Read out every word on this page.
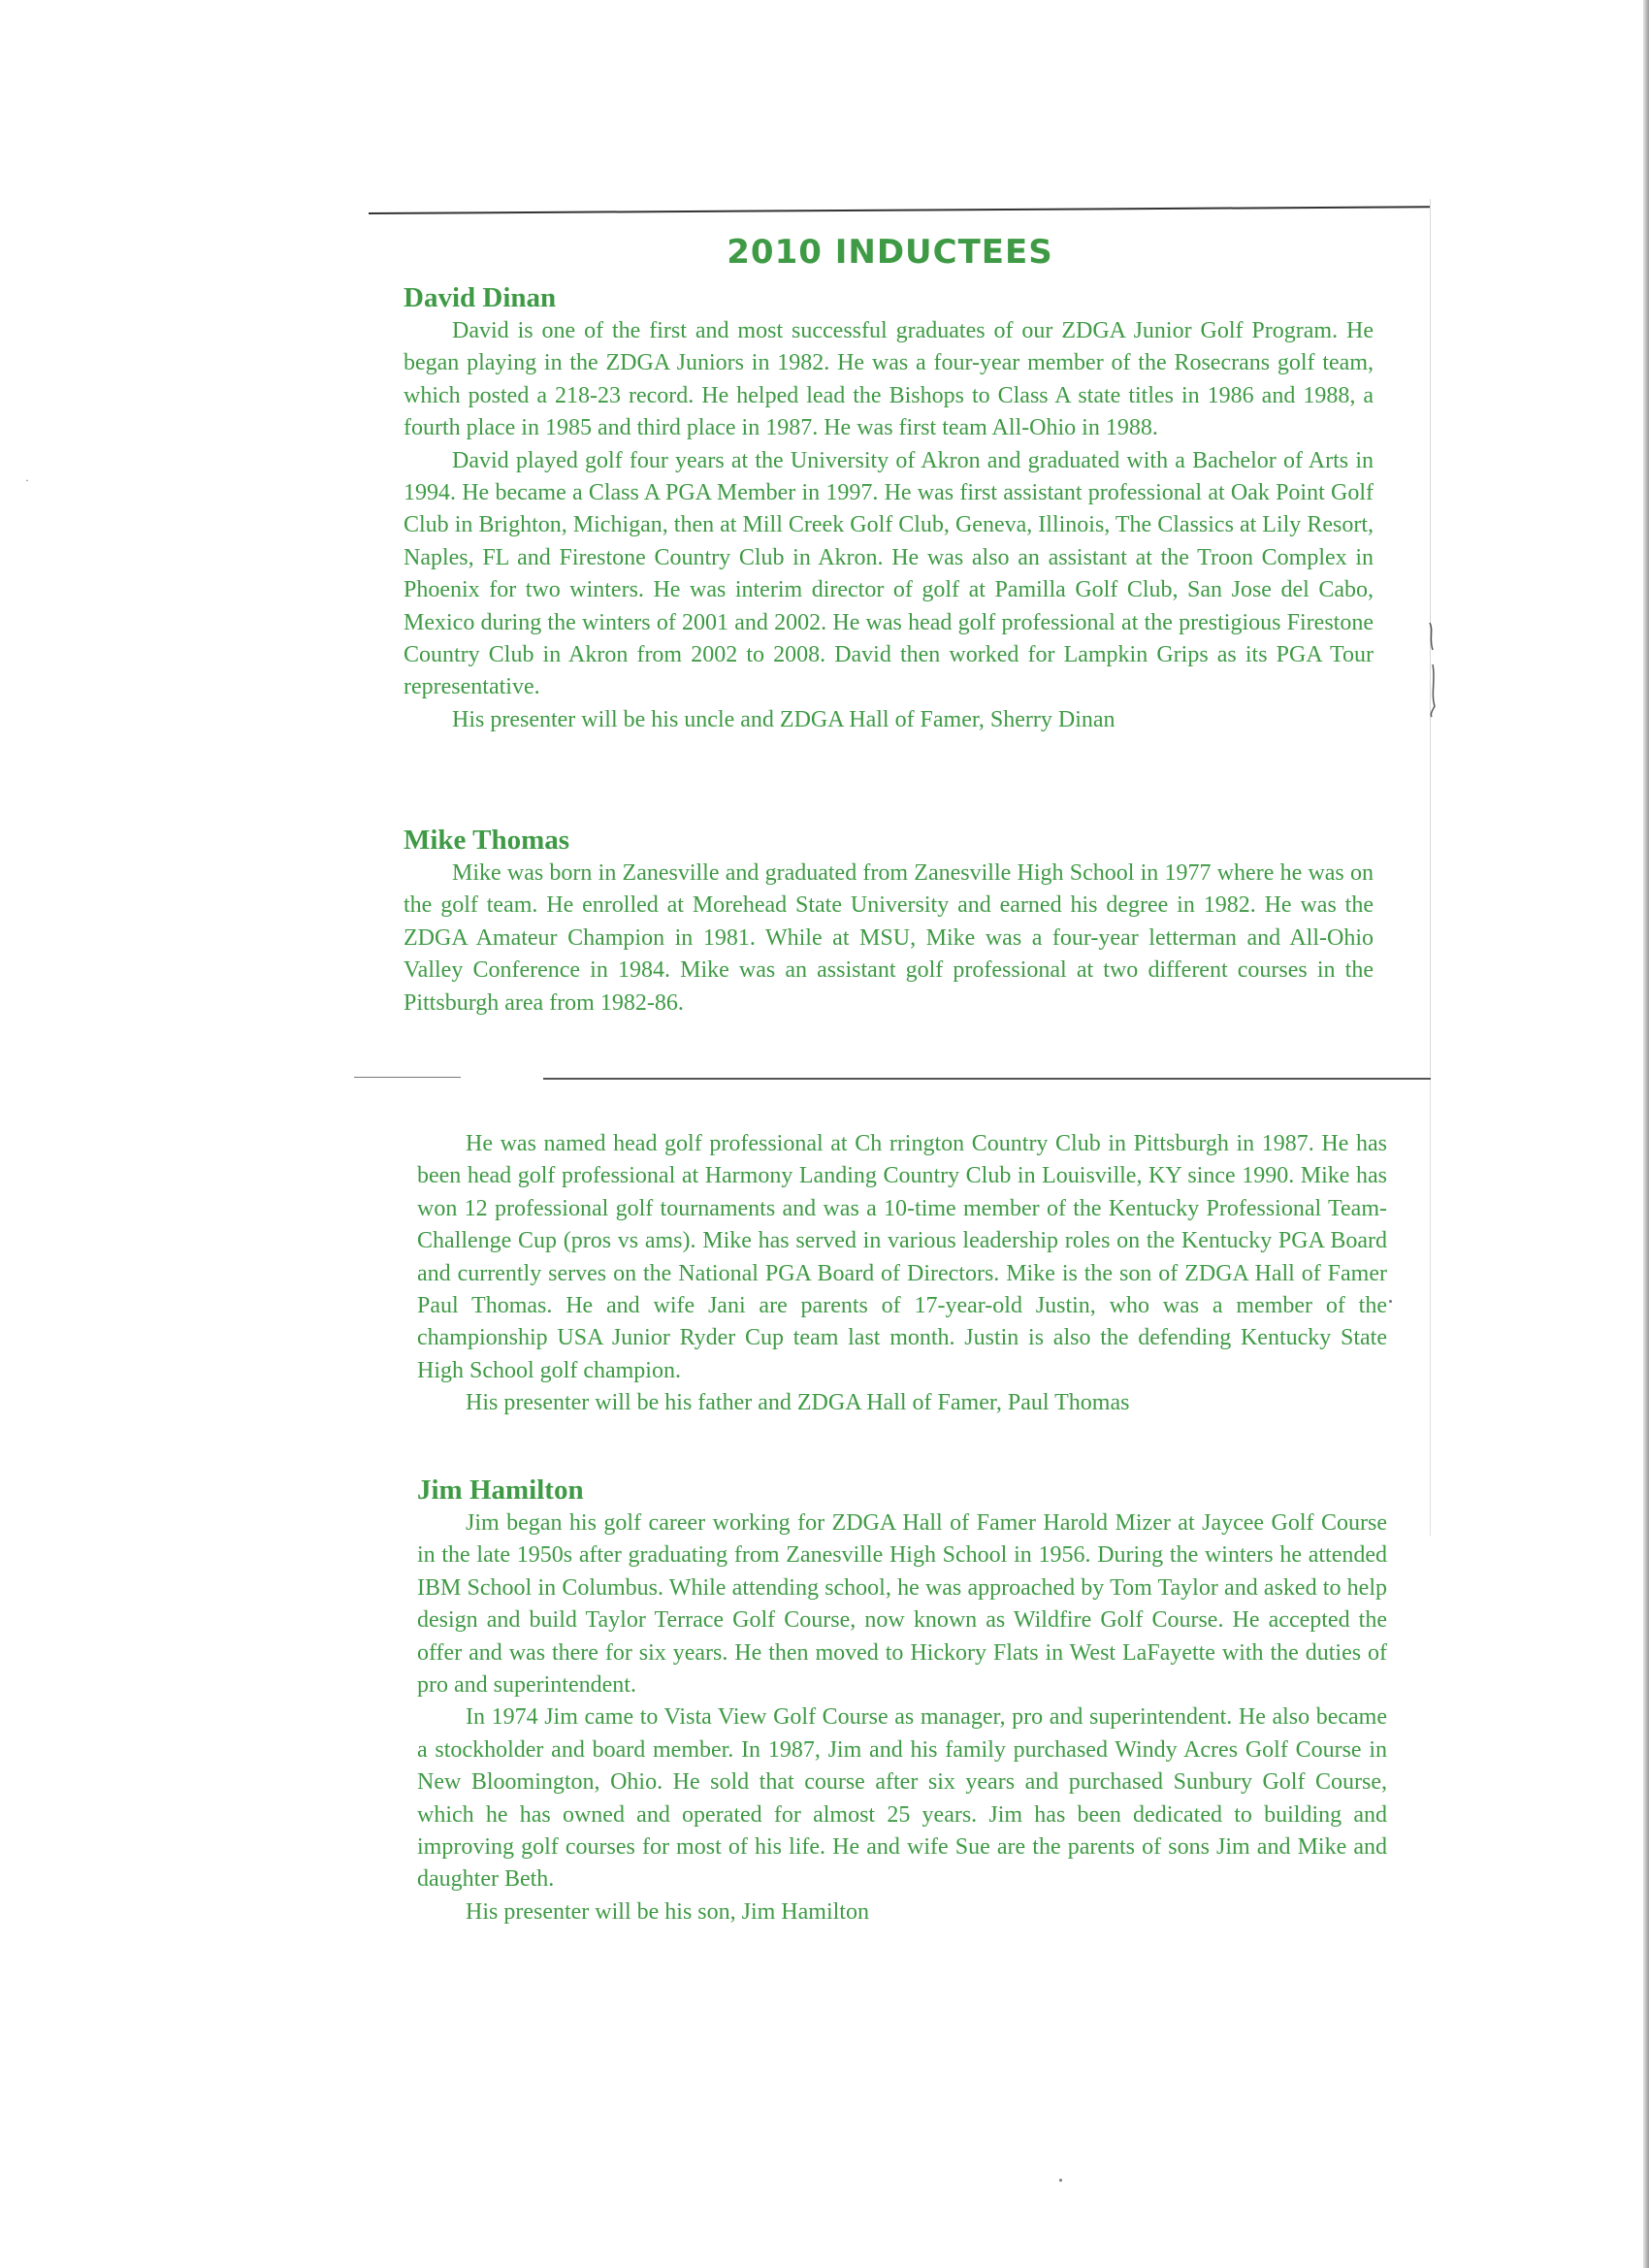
·
2010 INDUCTEES
David Dinan

David is one of the first and most successful graduates of our ZDGA Junior Golf Program. He began playing in the ZDGA Juniors in 1982. He was a four-year member of the Rosecrans golf team, which posted a 218-23 record. He helped lead the Bishops to Class A state titles in 1986 and 1988, a fourth place in 1985 and third place in 1987. He was first team All-Ohio in 1988.

David played golf four years at the University of Akron and graduated with a Bachelor of Arts in 1994. He became a Class A PGA Member in 1997. He was first assistant professional at Oak Point Golf Club in Brighton, Michigan, then at Mill Creek Golf Club, Geneva, Illinois, The Classics at Lily Resort, Naples, FL and Firestone Country Club in Akron. He was also an assistant at the Troon Complex in Phoenix for two winters. He was interim director of golf at Pamilla Golf Club, San Jose del Cabo, Mexico during the winters of 2001 and 2002. He was head golf professional at the prestigious Firestone Country Club in Akron from 2002 to 2008. David then worked for Lampkin Grips as its PGA Tour representative.

His presenter will be his uncle and ZDGA Hall of Famer, Sherry Dinan

Mike Thomas

Mike was born in Zanesville and graduated from Zanesville High School in 1977 where he was on the golf team. He enrolled at Morehead State University and earned his degree in 1982. He was the ZDGA Amateur Champion in 1981. While at MSU, Mike was a four-year letterman and All-Ohio Valley Conference in 1984. Mike was an assistant golf professional at two different courses in the Pittsburgh area from 1982-86.

He was named head golf professional at Ch rrington Country Club in Pittsburgh in 1987. He has been head golf professional at Harmony Landing Country Club in Louisville, KY since 1990. Mike has won 12 professional golf tournaments and was a 10-time member of the Kentucky Professional Team-Challenge Cup (pros vs ams). Mike has served in various leadership roles on the Kentucky PGA Board and currently serves on the National PGA Board of Directors. Mike is the son of ZDGA Hall of Famer Paul Thomas. He and wife Jani are parents of 17-year-old Justin, who was a member of the championship USA Junior Ryder Cup team last month. Justin is also the defending Kentucky State High School golf champion.

His presenter will be his father and ZDGA Hall of Famer, Paul Thomas

Jim Hamilton

Jim began his golf career working for ZDGA Hall of Famer Harold Mizer at Jaycee Golf Course in the late 1950s after graduating from Zanesville High School in 1956. During the winters he attended IBM School in Columbus. While attending school, he was approached by Tom Taylor and asked to help design and build Taylor Terrace Golf Course, now known as Wildfire Golf Course. He accepted the offer and was there for six years. He then moved to Hickory Flats in West LaFayette with the duties of pro and superintendent.

In 1974 Jim came to Vista View Golf Course as manager, pro and superintendent. He also became a stockholder and board member. In 1987, Jim and his family purchased Windy Acres Golf Course in New Bloomington, Ohio. He sold that course after six years and purchased Sunbury Golf Course, which he has owned and operated for almost 25 years. Jim has been dedicated to building and improving golf courses for most of his life. He and wife Sue are the parents of sons Jim and Mike and daughter Beth.

His presenter will be his son, Jim Hamilton
